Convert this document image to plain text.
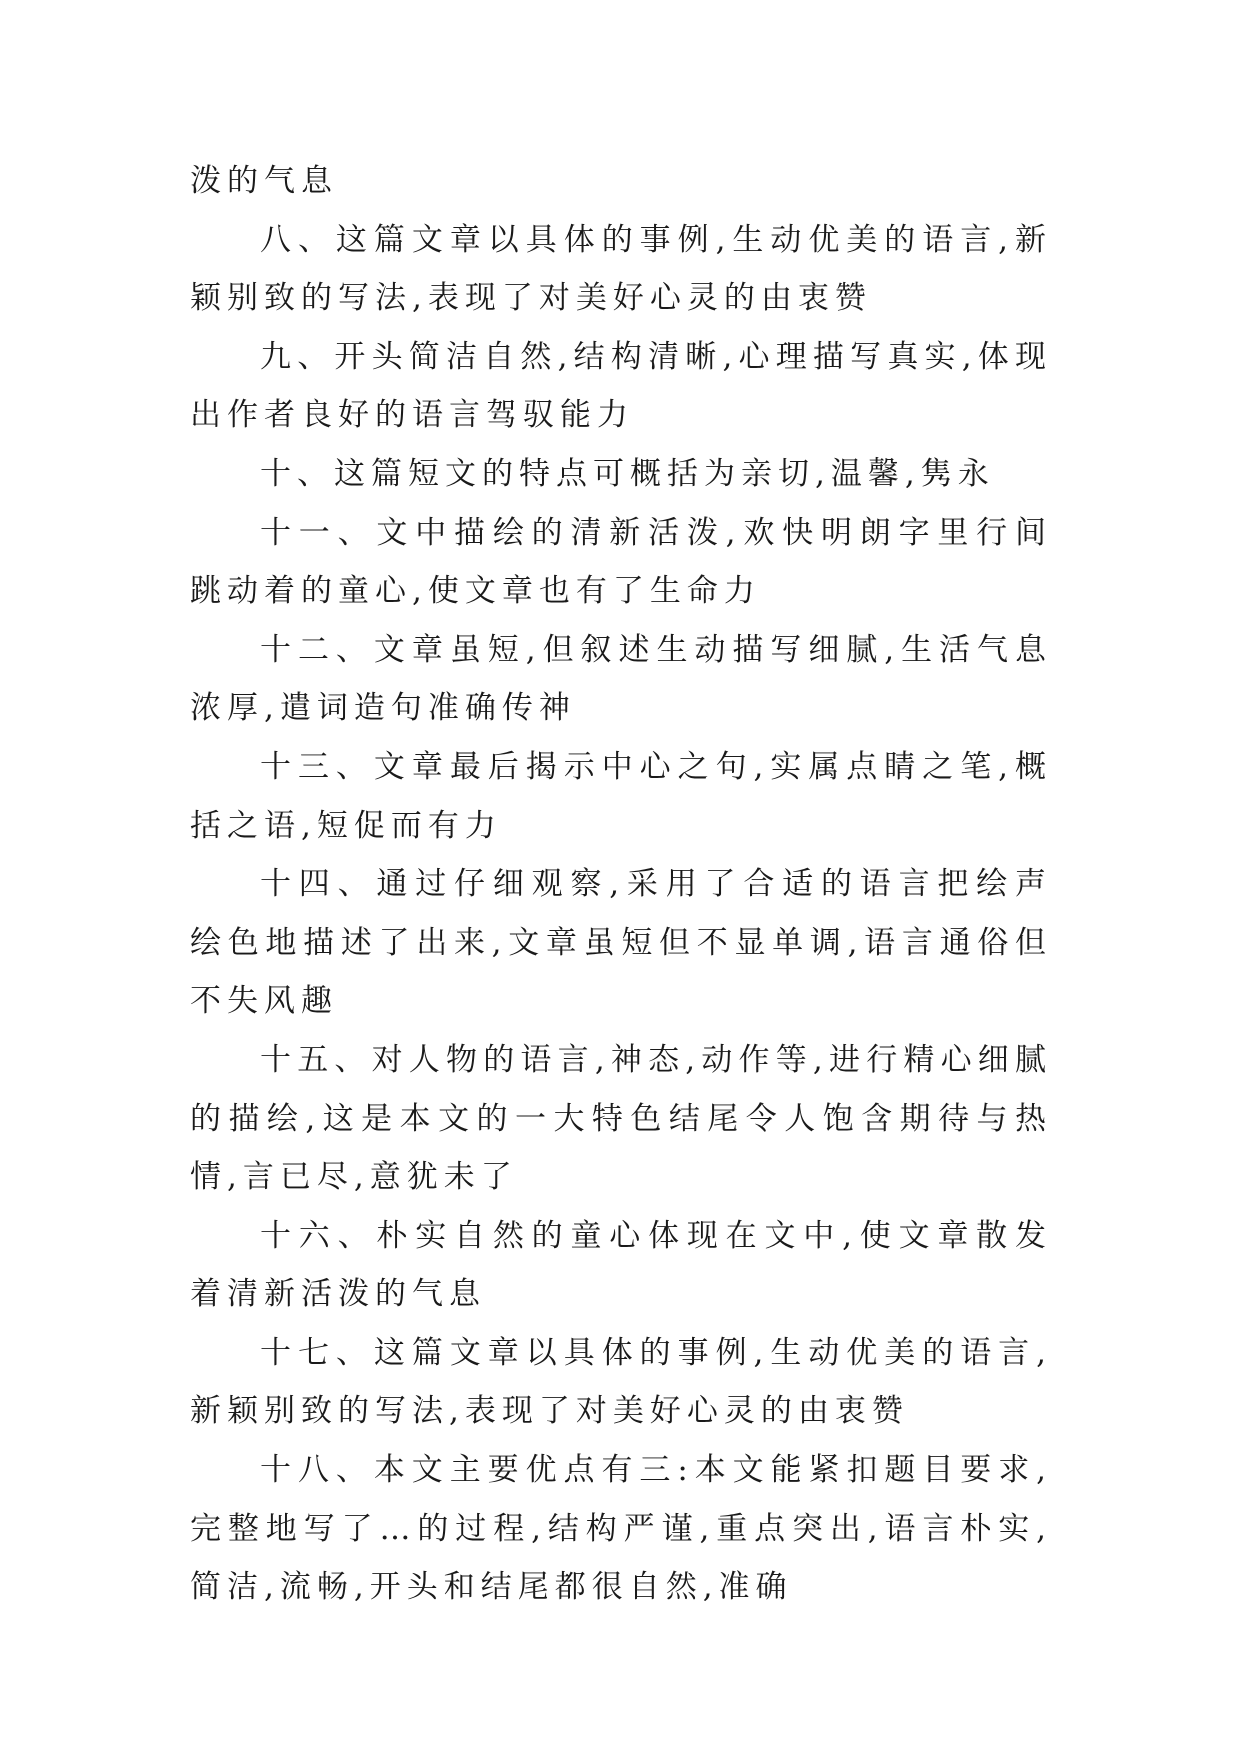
泼的气息

八、这篇文章以具体的事例,生动优美的语言,新颖别致的写法,表现了对美好心灵的由衷赞

九、开头简洁自然,结构清晰,心理描写真实,体现出作者良好的语言驾驭能力

十、这篇短文的特点可概括为亲切,温馨,隽永

十一、文中描绘的清新活泼,欢快明朗字里行间跳动着的童心,使文章也有了生命力

十二、文章虽短,但叙述生动描写细腻,生活气息浓厚,遣词造句准确传神

十三、文章最后揭示中心之句,实属点睛之笔,概括之语,短促而有力

十四、通过仔细观察,采用了合适的语言把绘声绘色地描述了出来,文章虽短但不显单调,语言通俗但不失风趣

十五、对人物的语言,神态,动作等,进行精心细腻的描绘,这是本文的一大特色结尾令人饱含期待与热情,言已尽,意犹未了

十六、朴实自然的童心体现在文中,使文章散发着清新活泼的气息

十七、这篇文章以具体的事例,生动优美的语言,新颖别致的写法,表现了对美好心灵的由衷赞

十八、本文主要优点有三:本文能紧扣题目要求,完整地写了…的过程,结构严谨,重点突出,语言朴实,简洁,流畅,开头和结尾都很自然,准确
